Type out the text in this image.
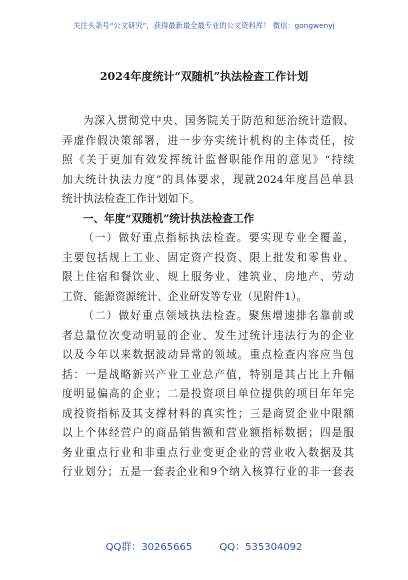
关注头条号“公文研究”，获得最新最全最专业的公文资料库！ 微信：gongwenyj
2024年度统计“双随机”执法检查工作计划
为深入贯彻党中央、国务院关于防范和惩治统计造假、
弄虚作假决策部署，进一步夯实统计机构的主体责任，按
照《关于更加有效发挥统计监督职能作用的意见》“持续
加大统计执法力度”的具体要求，现就2024年度昌邑单县
统计执法检查工作计划如下。
一、年度“双随机”统计执法检查工作
（一）做好重点指标执法检查。要实现专业全覆盖，
主要包括规上工业、固定资产投资、限上批发和零售业、
限上住宿和餐饮业、规上服务业、建筑业、房地产、劳动
工资、能源资源统计、企业研发等专业（见附件1）。
（二）做好重点领域执法检查。聚焦增速排名靠前或
者总量位次变动明显的企业、发生过统计违法行为的企业
以及今年以来数据波动异常的领域。重点检查内容应当包
括：一是战略新兴产业工业总产值，特别是其占比上升幅
度明显偏高的企业；二是投资项目单位提供的项目年年完
成投资指标及其支撑材料的真实性；三是商贸企业中限额
以上个体经营户的商品销售额和营业额指标数据；四是服
务业重点行业和非重点行业变更企业的营业收入数据及其
行业划分；五是一套表企业和9个纳入核算行业的非一套表
QQ群：30265665	QQ：535304092
